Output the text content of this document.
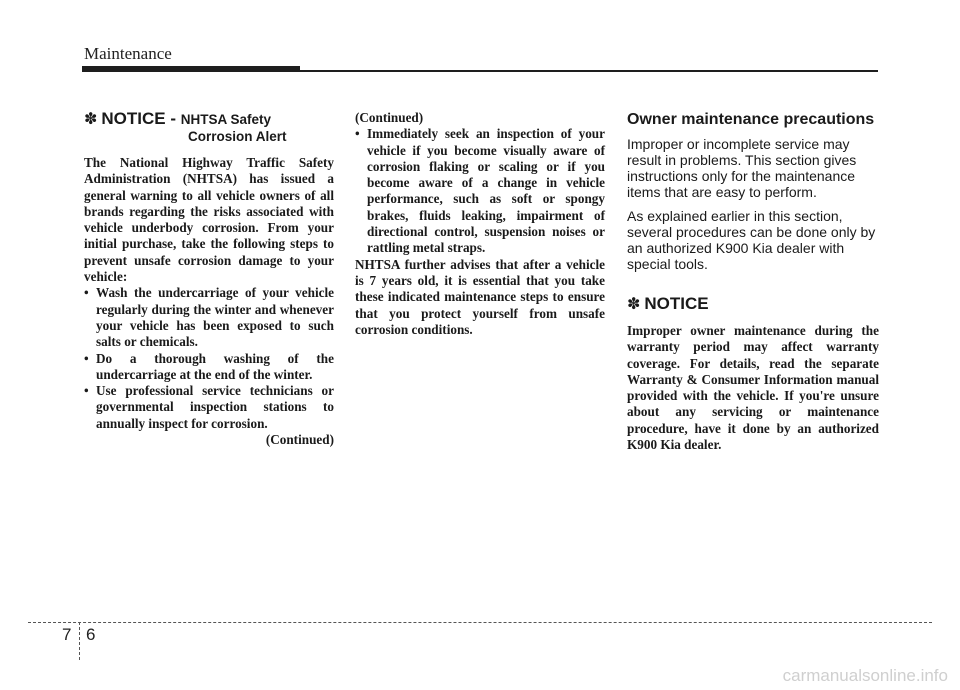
Maintenance
✽ NOTICE - NHTSA Safety
Corrosion Alert

The National Highway Traffic Safety Administration (NHTSA) has issued a general warning to all vehicle owners of all brands regarding the risks associated with vehicle underbody corrosion. From your initial purchase, take the following steps to prevent unsafe corrosion damage to your vehicle:

• Wash the undercarriage of your vehicle regularly during the winter and whenever your vehicle has been exposed to such salts or chemicals.
• Do a thorough washing of the undercarriage at the end of the winter.
• Use professional service technicians or governmental inspection stations to annually inspect for corrosion.
(Continued)
(Continued)
• Immediately seek an inspection of your vehicle if you become visually aware of corrosion flaking or scaling or if you become aware of a change in vehicle performance, such as soft or spongy brakes, fluids leaking, impairment of directional control, suspension noises or rattling metal straps.

NHTSA further advises that after a vehicle is 7 years old, it is essential that you take these indicated maintenance steps to ensure that you protect yourself from unsafe corrosion conditions.

Owner maintenance precautions

Improper or incomplete service may result in problems. This section gives instructions only for the maintenance items that are easy to perform.

As explained earlier in this section, several procedures can be done only by an authorized K900 Kia dealer with special tools.

✽ NOTICE

Improper owner maintenance during the warranty period may affect warranty coverage. For details, read the separate Warranty & Consumer Information manual provided with the vehicle. If you're unsure about any servicing or maintenance procedure, have it done by an authorized K900 Kia dealer.

7 6
carmanualsonline.info
